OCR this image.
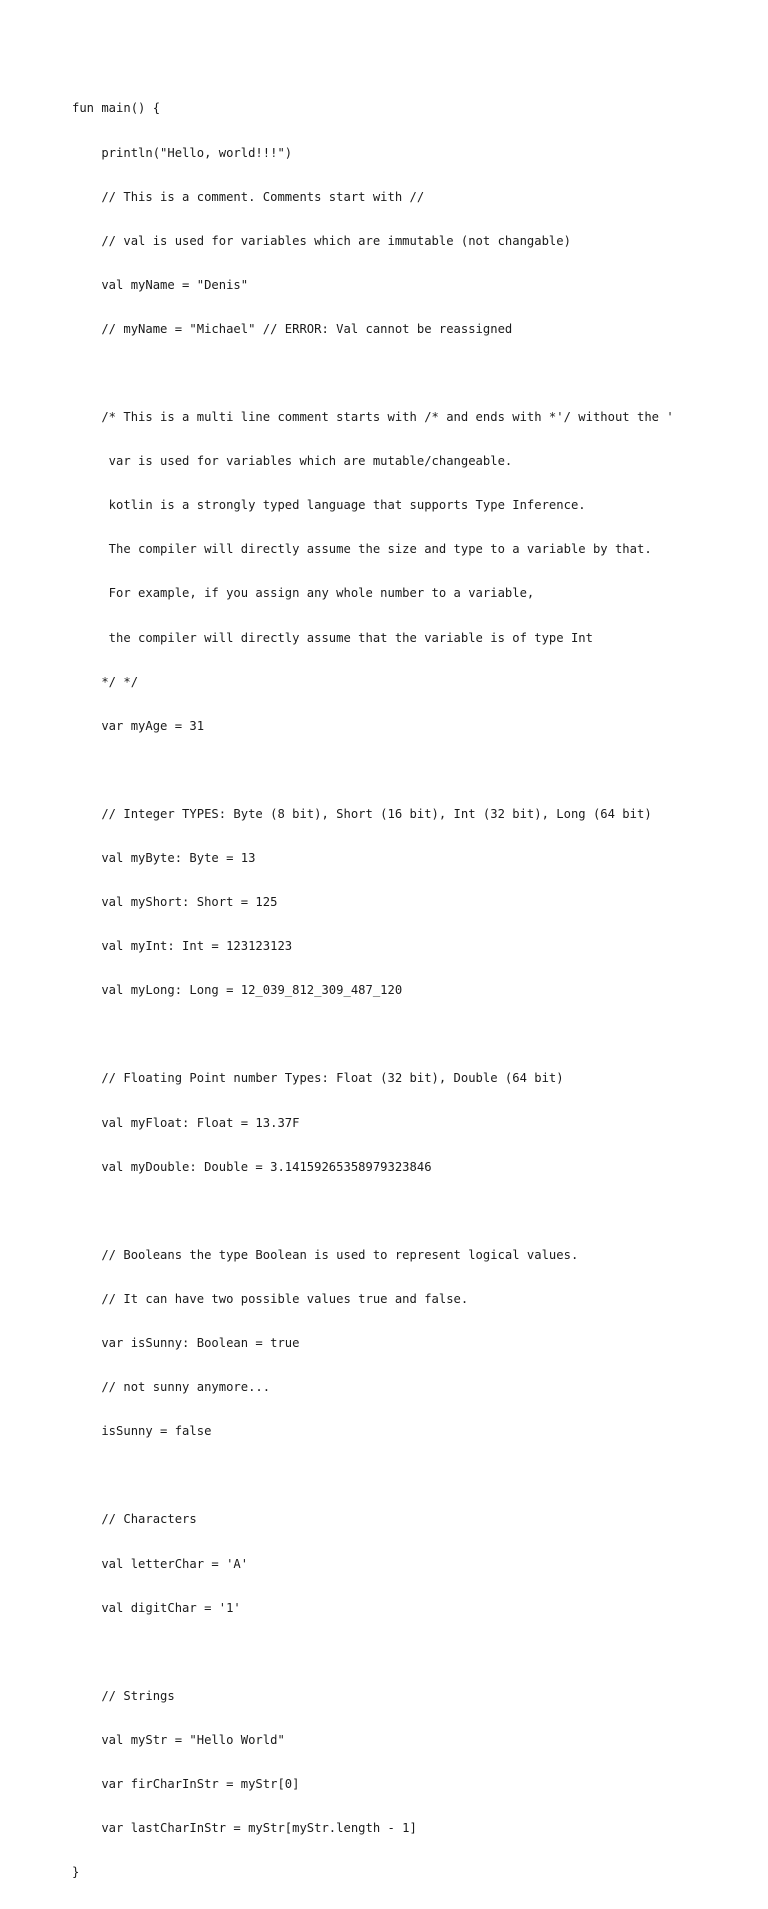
fun main() {

println("Hello, world!!!")

// This is a comment. Comments start with //

// val is used for variables which are immutable (not changable)

val myName = "Denis"

// myName = "Michael" // ERROR: Val cannot be reassigned

/* This is a multi line comment starts with /* and ends with *'/ without the '

var is used for variables which are mutable/changeable.

kotlin is a strongly typed language that supports Type Inference.

The compiler will directly assume the size and type to a variable by that.

For example, if you assign any whole number to a variable,

the compiler will directly assume that the variable is of type Int

*/ */

var myAge = 31

// Integer TYPES: Byte (8 bit), Short (16 bit), Int (32 bit), Long (64 bit)

val myByte: Byte = 13

val myShort: Short = 125

val myInt: Int = 123123123

val myLong: Long = 12_039_812_309_487_120

// Floating Point number Types: Float (32 bit), Double (64 bit)

val myFloat: Float = 13.37F

val myDouble: Double = 3.14159265358979323846

// Booleans the type Boolean is used to represent logical values.

// It can have two possible values true and false.

var isSunny: Boolean = true

// not sunny anymore...

isSunny = false

// Characters

val letterChar = 'A'

val digitChar = '1'

// Strings

val myStr = "Hello World"

var firCharInStr = myStr[0]

var lastCharInStr = myStr[myStr.length - 1]

}
